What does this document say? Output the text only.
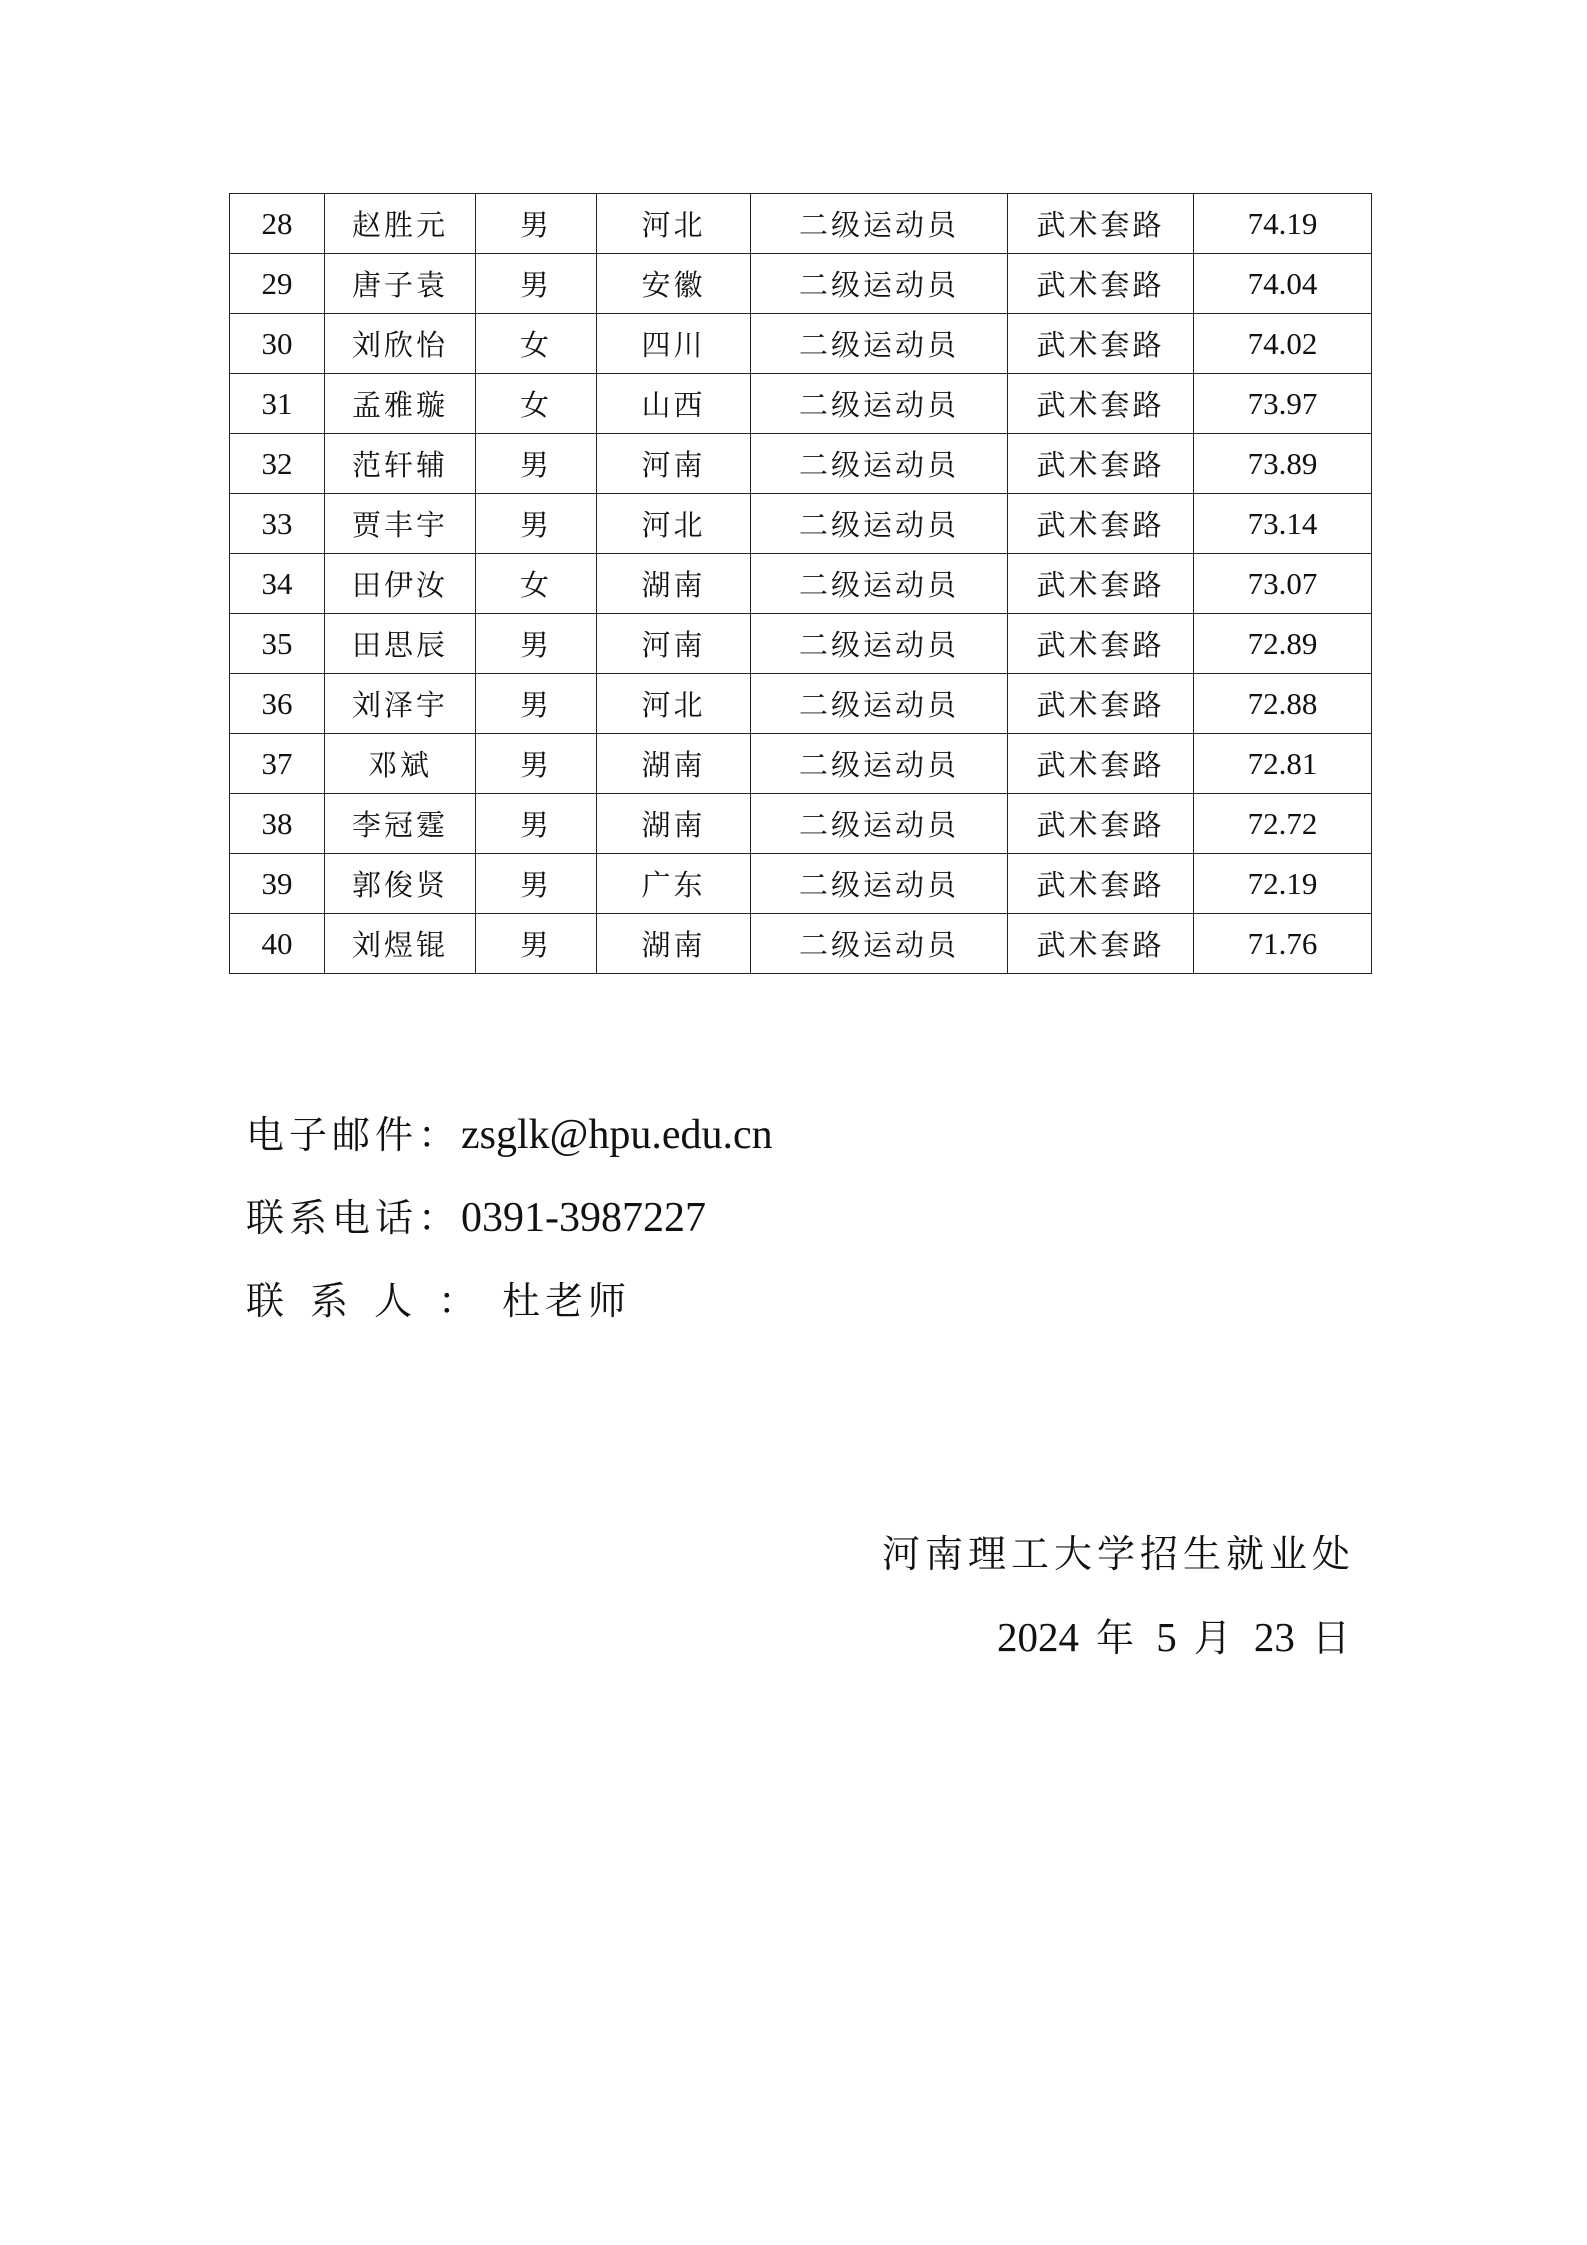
28	赵胜元	男	河北	二级运动员	武术套路	74.19
29	唐子袁	男	安徽	二级运动员	武术套路	74.04
30	刘欣怡	女	四川	二级运动员	武术套路	74.02
31	孟雅璇	女	山西	二级运动员	武术套路	73.97
32	范轩辅	男	河南	二级运动员	武术套路	73.89
33	贾丰宇	男	河北	二级运动员	武术套路	73.14
34	田伊汝	女	湖南	二级运动员	武术套路	73.07
35	田思辰	男	河南	二级运动员	武术套路	72.89
36	刘泽宇	男	河北	二级运动员	武术套路	72.88
37	邓斌	男	湖南	二级运动员	武术套路	72.81
38	李冠霆	男	湖南	二级运动员	武术套路	72.72
39	郭俊贤	男	广东	二级运动员	武术套路	72.19
40	刘煜锟	男	湖南	二级运动员	武术套路	71.76
电子邮件：zsglk@hpu.edu.cn
联系电话：0391-3987227
联系人：杜老师
河南理工大学招生就业处
2024 年 5 月 23 日
